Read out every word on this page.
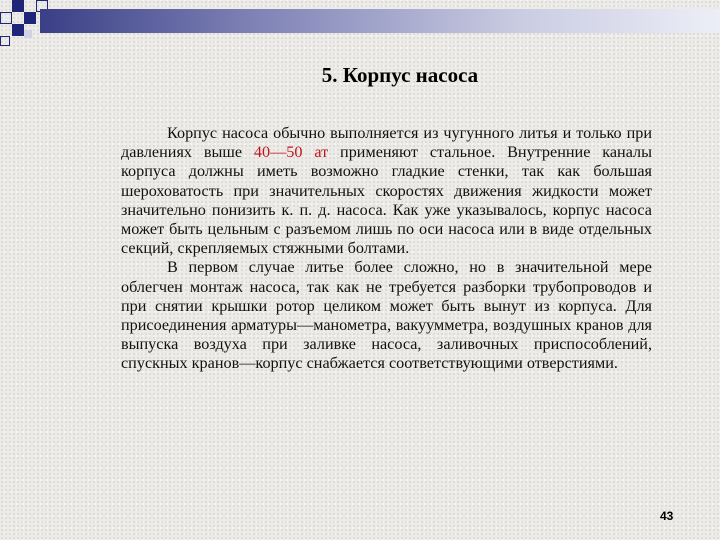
5. Корпус насоса

Корпус насоса обычно выполняется из чугунного литья и только при давлениях выше 40—50 ат применяют стальное. Внутренние каналы корпуса должны иметь возможно гладкие стенки, так как большая шероховатость при значительных скоростях движения жидкости может значительно понизить к. п. д. насоса. Как уже указывалось, корпус насоса может быть цельным с разъемом лишь по оси насоса или в виде отдельных секций, скрепляемых стяжными болтами.

В первом случае литье более сложно, но в значительной мере облегчен монтаж насоса, так как не требуется разборки трубопроводов и при снятии крышки ротор целиком может быть вынут из корпуса. Для присоединения арматуры—манометра, вакуумметра, воздушных кранов для выпуска воздуха при заливке насоса, заливочных приспособлений, спускных кранов—корпус снабжается соответствующими отверстиями.

43
